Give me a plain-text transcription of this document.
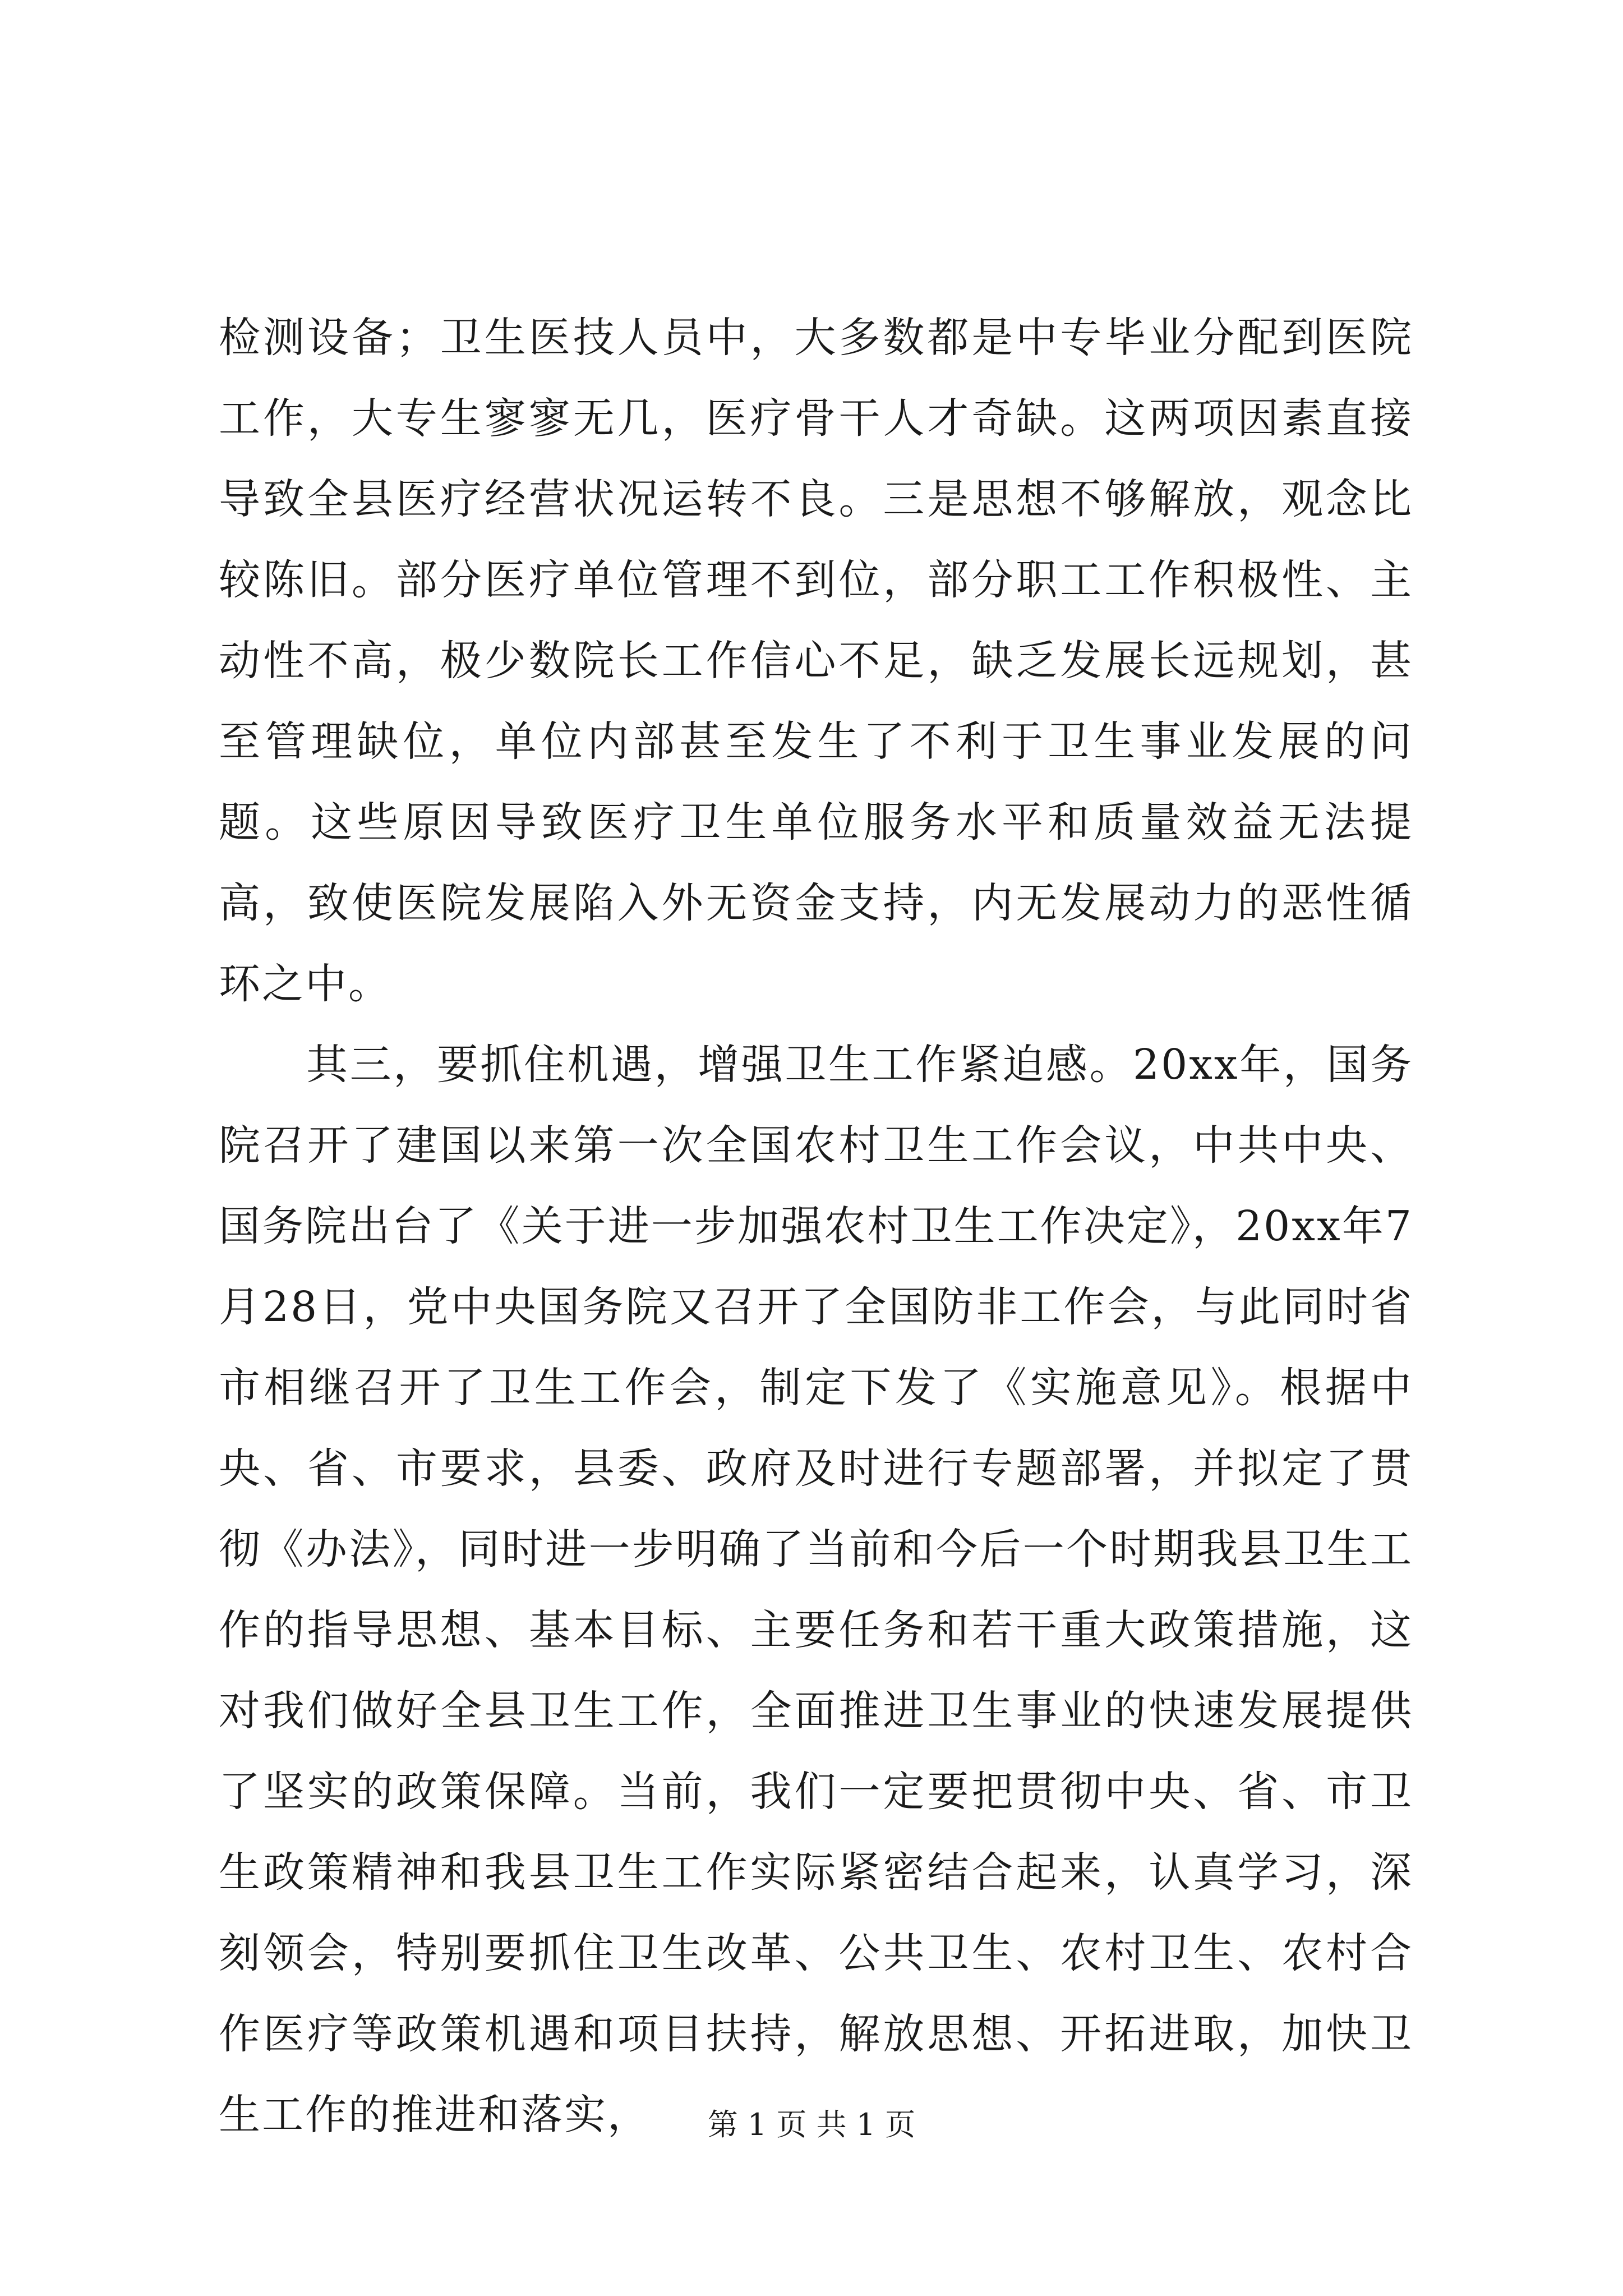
检测设备；卫生医技人员中，大多数都是中专毕业分配到医院工作，大专生寥寥无几，医疗骨干人才奇缺。这两项因素直接导致全县医疗经营状况运转不良。三是思想不够解放，观念比较陈旧。部分医疗单位管理不到位，部分职工工作积极性、主动性不高，极少数院长工作信心不足，缺乏发展长远规划，甚至管理缺位，单位内部甚至发生了不利于卫生事业发展的问题。这些原因导致医疗卫生单位服务水平和质量效益无法提高，致使医院发展陷入外无资金支持，内无发展动力的恶性循环之中。

其三，要抓住机遇，增强卫生工作紧迫感。20xx年，国务院召开了建国以来第一次全国农村卫生工作会议，中共中央、国务院出台了《关于进一步加强农村卫生工作决定》，20xx年7月28日，党中央国务院又召开了全国防非工作会，与此同时省市相继召开了卫生工作会，制定下发了《实施意见》。根据中央、省、市要求，县委、政府及时进行专题部署，并拟定了贯彻《办法》，同时进一步明确了当前和今后一个时期我县卫生工作的指导思想、基本目标、主要任务和若干重大政策措施，这对我们做好全县卫生工作，全面推进卫生事业的快速发展提供了坚实的政策保障。当前，我们一定要把贯彻中央、省、市卫生政策精神和我县卫生工作实际紧密结合起来，认真学习，深刻领会，特别要抓住卫生改革、公共卫生、农村卫生、农村合作医疗等政策机遇和项目扶持，解放思想、开拓进取，加快卫生工作的推进和落实，	第 1 页 共 1 页
